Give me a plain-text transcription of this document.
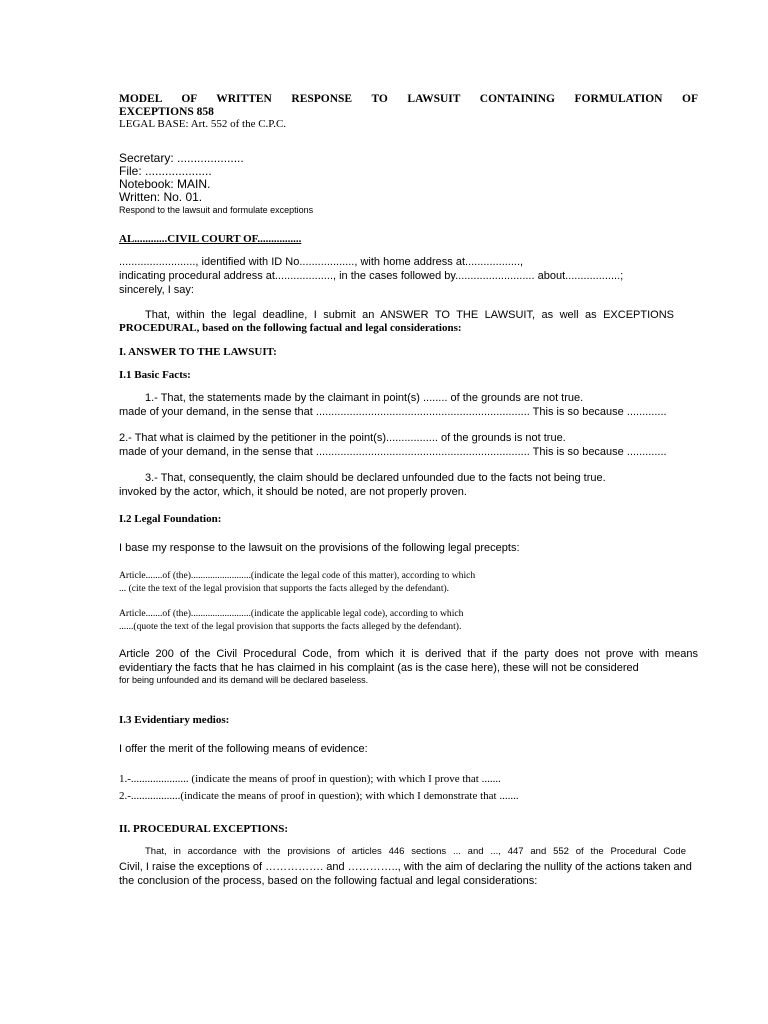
MODEL OF WRITTEN RESPONSE TO LAWSUIT CONTAINING FORMULATION OF
EXCEPTIONS 858
LEGAL BASE: Art. 552 of the C.P.C.
Secretary: ....................
File: ....................
Notebook: MAIN.
Written: No. 01.
Respond to the lawsuit and formulate exceptions
AL............CIVIL COURT OF................
........................., identified with ID No.................., with home address at..................,
indicating procedural address at..................., in the cases followed by.......................... about..................;
sincerely, I say:
That, within the legal deadline, I submit an ANSWER TO THE LAWSUIT, as well as EXCEPTIONS
PROCEDURAL, based on the following factual and legal considerations:
I. ANSWER TO THE LAWSUIT:
I.1 Basic Facts:
1.- That, the statements made by the claimant in point(s) ........ of the grounds are not true.
made of your demand, in the sense that ...................................................................... This is so because .............
2.- That what is claimed by the petitioner in the point(s)................. of the grounds is not true.
made of your demand, in the sense that ...................................................................... This is so because .............
3.- That, consequently, the claim should be declared unfounded due to the facts not being true.
invoked by the actor, which, it should be noted, are not properly proven.
I.2 Legal Foundation:
I base my response to the lawsuit on the provisions of the following legal precepts:
Article.......of (the).........................(indicate the legal code of this matter), according to which
... (cite the text of the legal provision that supports the facts alleged by the defendant).
Article.......of (the).........................(indicate the applicable legal code), according to which
......(quote the text of the legal provision that supports the facts alleged by the defendant).
Article 200 of the Civil Procedural Code, from which it is derived that if the party does not prove with means
evidentiary the facts that he has claimed in his complaint (as is the case here), these will not be considered
for being unfounded and its demand will be declared baseless.
I.3 Evidentiary medios:
I offer the merit of the following means of evidence:
1.-..................... (indicate the means of proof in question); with which I prove that .......
2.-..................(indicate the means of proof in question); with which I demonstrate that .......
II. PROCEDURAL EXCEPTIONS:
That, in accordance with the provisions of articles 446 sections ... and ..., 447 and 552 of the Procedural Code
Civil, I raise the exceptions of ……………. and ………….., with the aim of declaring the nullity of the actions taken and
the conclusion of the process, based on the following factual and legal considerations:
